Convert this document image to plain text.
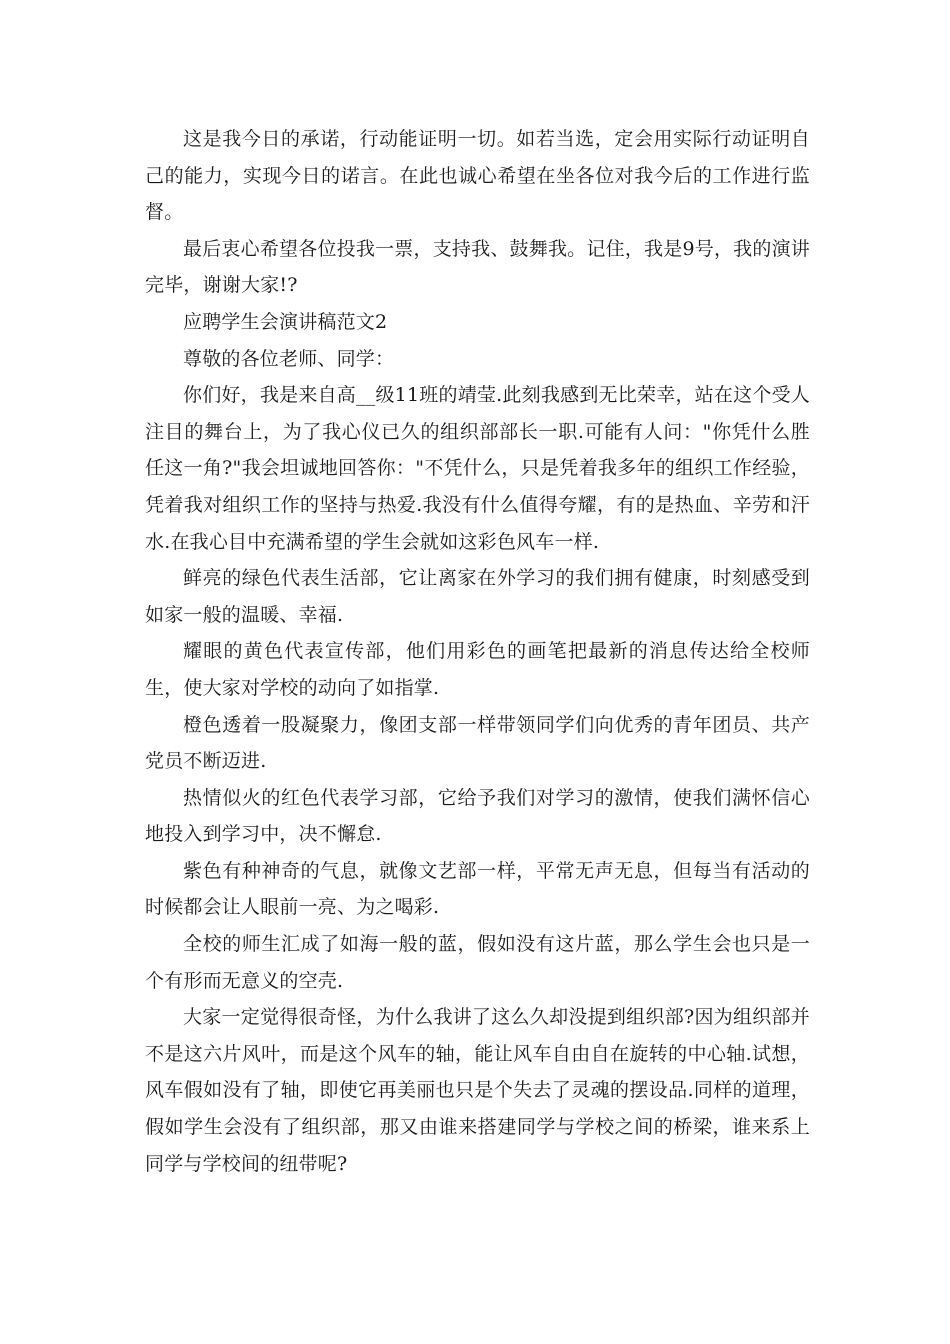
这是我今日的承诺，行动能证明一切。如若当选，定会用实际行动证明自己的能力，实现今日的诺言。在此也诚心希望在坐各位对我今后的工作进行监督。

最后衷心希望各位投我一票，支持我、鼓舞我。记住，我是9号，我的演讲完毕，谢谢大家!?

应聘学生会演讲稿范文2

尊敬的各位老师、同学：

你们好，我是来自高__级11班的靖莹.此刻我感到无比荣幸，站在这个受人注目的舞台上，为了我心仪已久的组织部部长一职.可能有人问："你凭什么胜任这一角?"我会坦诚地回答你："不凭什么，只是凭着我多年的组织工作经验，凭着我对组织工作的坚持与热爱.我没有什么值得夸耀，有的是热血、辛劳和汗水.在我心目中充满希望的学生会就如这彩色风车一样.

鲜亮的绿色代表生活部，它让离家在外学习的我们拥有健康，时刻感受到如家一般的温暖、幸福.

耀眼的黄色代表宣传部，他们用彩色的画笔把最新的消息传达给全校师生，使大家对学校的动向了如指掌.

橙色透着一股凝聚力，像团支部一样带领同学们向优秀的青年团员、共产党员不断迈进.

热情似火的红色代表学习部，它给予我们对学习的激情，使我们满怀信心地投入到学习中，决不懈怠.

紫色有种神奇的气息，就像文艺部一样，平常无声无息，但每当有活动的时候都会让人眼前一亮、为之喝彩.

全校的师生汇成了如海一般的蓝，假如没有这片蓝，那么学生会也只是一个有形而无意义的空壳.

大家一定觉得很奇怪，为什么我讲了这么久却没提到组织部?因为组织部并不是这六片风叶，而是这个风车的轴，能让风车自由自在旋转的中心轴.试想，风车假如没有了轴，即使它再美丽也只是个失去了灵魂的摆设品.同样的道理，假如学生会没有了组织部，那又由谁来搭建同学与学校之间的桥梁，谁来系上同学与学校间的纽带呢?
